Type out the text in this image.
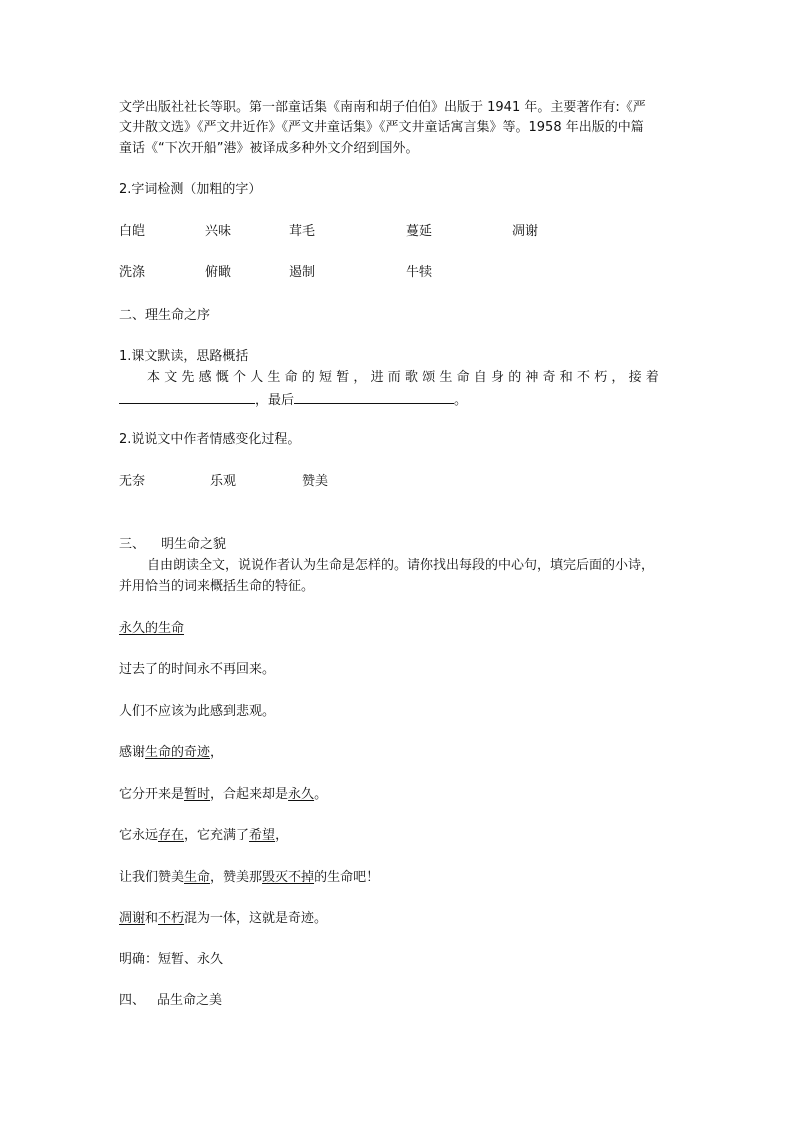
文学出版社社长等职。第一部童话集《南南和胡子伯伯》出版于 1941 年。主要著作有:《严
文井散文选》《严文井近作》《严文井童话集》《严文井童话寓言集》等。1958 年出版的中篇
童话《“下次开船”港》被译成多种外文介绍到国外。
2.字词检测（加粗的字）
白皑	兴味	茸毛	蔓延	凋谢
洗涤	俯瞰	遏制	牛犊
二、理生命之序
1.课文默读，思路概括
本文先感慨个人生命的短暂，进而歌颂生命自身的神奇和不朽，接着
，最后	。
2.说说文中作者情感变化过程。
无奈	乐观	赞美
三、 明生命之貌
自由朗读全文，说说作者认为生命是怎样的。请你找出每段的中心句，填完后面的小诗，
并用恰当的词来概括生命的特征。
永久的生命
过去了的时间永不再回来。
人们不应该为此感到悲观。
感谢生命的奇迹，
它分开来是暂时，合起来却是永久。
它永远存在，它充满了希望，
让我们赞美生命，赞美那毁灭不掉的生命吧！
凋谢和不朽混为一体，这就是奇迹。
明确：短暂、永久
四、 品生命之美
